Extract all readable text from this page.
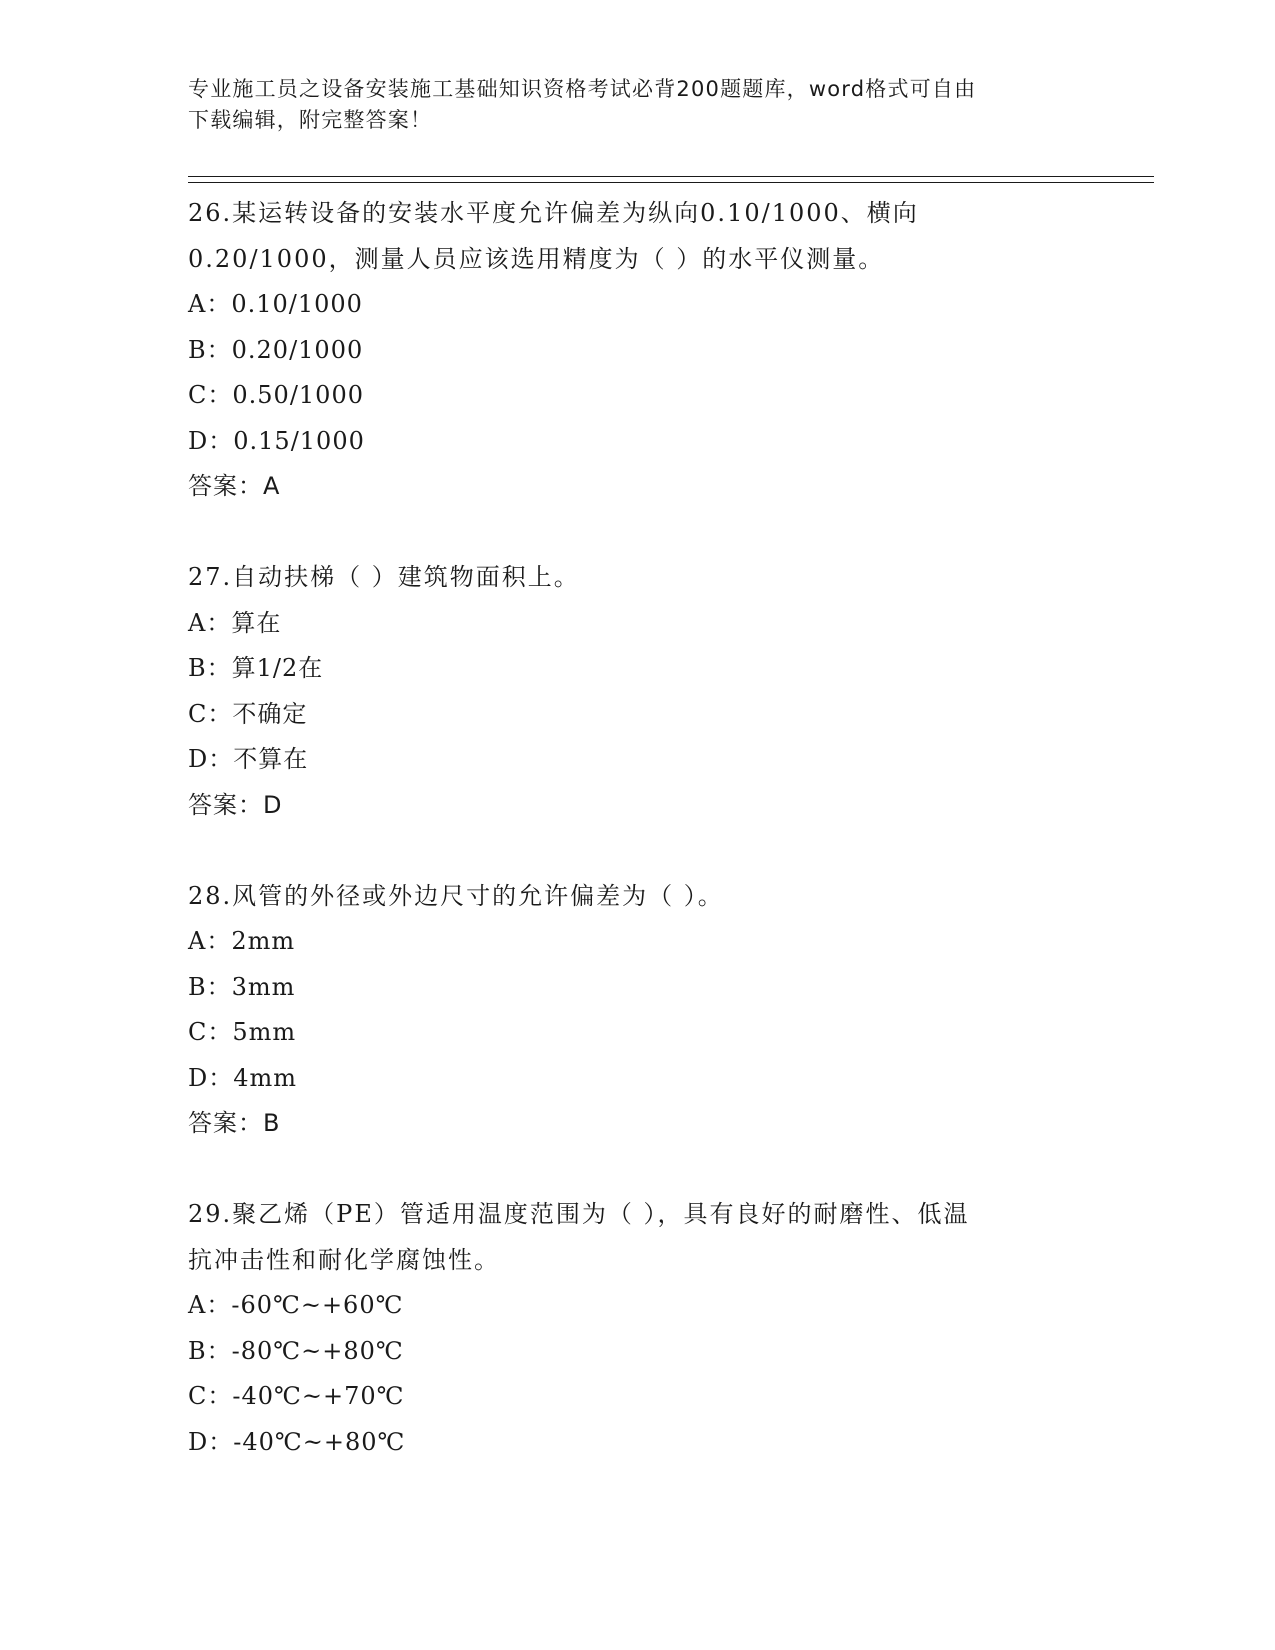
专业施工员之设备安装施工基础知识资格考试必背200题题库，word格式可自由
下载编辑，附完整答案！

26.某运转设备的安装水平度允许偏差为纵向0.10/1000、横向

0.20/1000，测量人员应该选用精度为（ ）的水平仪测量。

A：0.10/1000

B：0.20/1000

C：0.50/1000

D：0.15/1000

答案：A

27.自动扶梯（ ）建筑物面积上。

A：算在

B：算1/2在

C：不确定

D：不算在

答案：D

28.风管的外径或外边尺寸的允许偏差为（ ）。

A：2mm

B：3mm

C：5mm

D：4mm

答案：B

29.聚乙烯（PE）管适用温度范围为（ ），具有良好的耐磨性、低温

抗冲击性和耐化学腐蚀性。

A：-60℃~+60℃

B：-80℃~+80℃

C：-40℃~+70℃

D：-40℃~+80℃
